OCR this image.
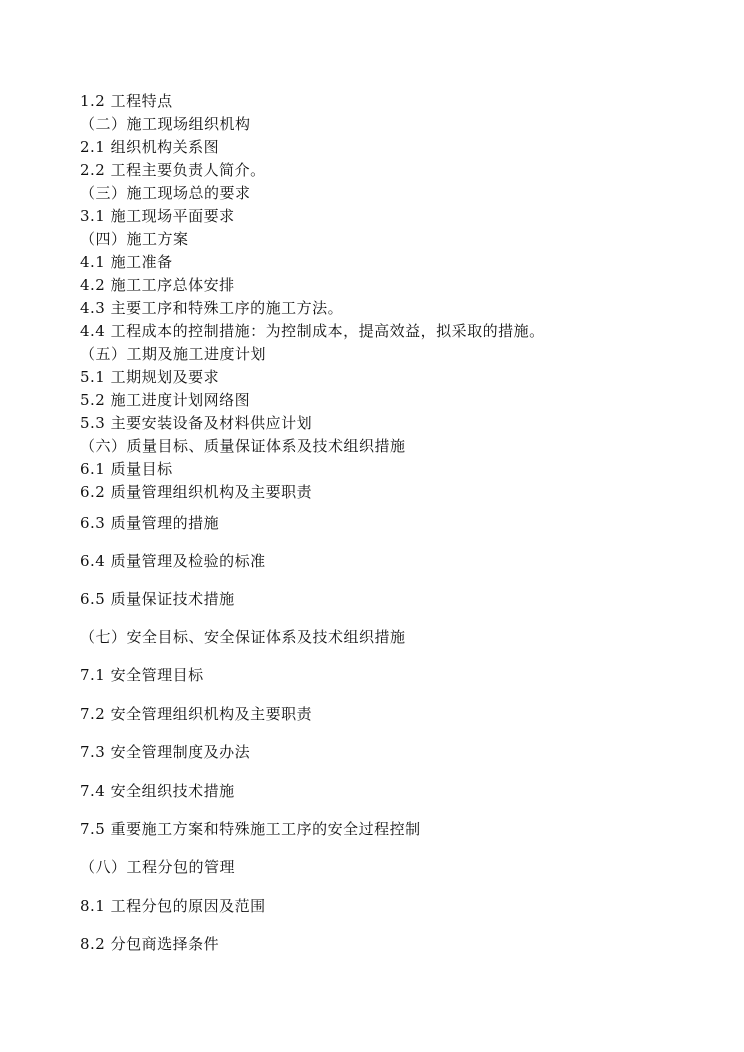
1.2 工程特点
（二）施工现场组织机构
2.1 组织机构关系图
2.2 工程主要负责人简介。
（三）施工现场总的要求
3.1 施工现场平面要求
（四）施工方案
4.1 施工准备
4.2 施工工序总体安排
4.3 主要工序和特殊工序的施工方法。
4.4 工程成本的控制措施：为控制成本，提高效益，拟采取的措施。
（五）工期及施工进度计划
5.1 工期规划及要求
5.2 施工进度计划网络图
5.3 主要安装设备及材料供应计划
（六）质量目标、质量保证体系及技术组织措施
6.1 质量目标
6.2 质量管理组织机构及主要职责
6.3 质量管理的措施
6.4 质量管理及检验的标准
6.5 质量保证技术措施
（七）安全目标、安全保证体系及技术组织措施
7.1 安全管理目标
7.2 安全管理组织机构及主要职责
7.3 安全管理制度及办法
7.4 安全组织技术措施
7.5 重要施工方案和特殊施工工序的安全过程控制
（八）工程分包的管理
8.1 工程分包的原因及范围
8.2 分包商选择条件
